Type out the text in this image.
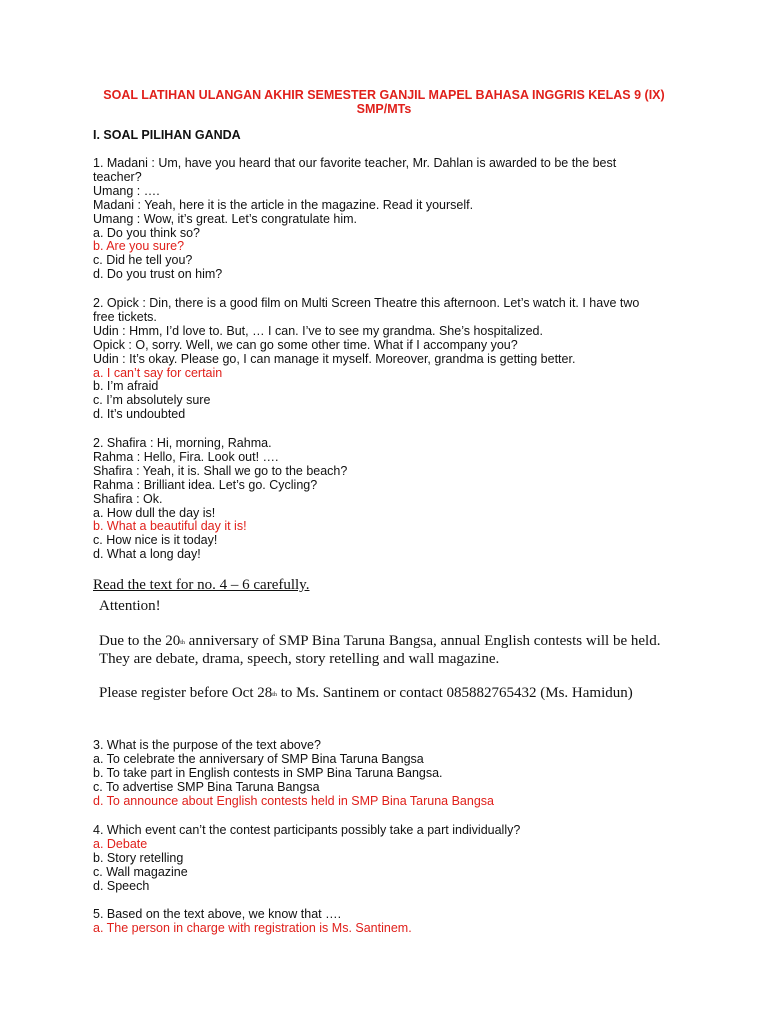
SOAL LATIHAN ULANGAN AKHIR SEMESTER GANJIL MAPEL BAHASA INGGRIS KELAS 9 (IX)
SMP/MTs
I. SOAL PILIHAN GANDA
1. Madani : Um, have you heard that our favorite teacher, Mr. Dahlan is awarded to be the best
teacher?
Umang : ….
Madani : Yeah, here it is the article in the magazine. Read it yourself.
Umang : Wow, it’s great. Let’s congratulate him.
a. Do you think so?
b. Are you sure?
c. Did he tell you?
d. Do you trust on him?
2. Opick : Din, there is a good film on Multi Screen Theatre this afternoon. Let’s watch it. I have two
free tickets.
Udin : Hmm, I’d love to. But, … I can. I’ve to see my grandma. She’s hospitalized.
Opick : O, sorry. Well, we can go some other time. What if I accompany you?
Udin : It’s okay. Please go, I can manage it myself. Moreover, grandma is getting better.
a. I can’t say for certain
b. I’m afraid
c. I’m absolutely sure
d. It’s undoubted
2. Shafira : Hi, morning, Rahma.
Rahma : Hello, Fira. Look out! ….
Shafira : Yeah, it is. Shall we go to the beach?
Rahma : Brilliant idea. Let’s go. Cycling?
Shafira : Ok.
a. How dull the day is!
b. What a beautiful day it is!
c. How nice is it today!
d. What a long day!
Read the text for no. 4 – 6 carefully.
Attention!
Due to the 20th anniversary of SMP Bina Taruna Bangsa, annual English contests will be held.
They are debate, drama, speech, story retelling and wall magazine.
Please register before Oct 28th to Ms. Santinem or contact 085882765432 (Ms. Hamidun)
3. What is the purpose of the text above?
a. To celebrate the anniversary of SMP Bina Taruna Bangsa
b. To take part in English contests in SMP Bina Taruna Bangsa.
c. To advertise SMP Bina Taruna Bangsa
d. To announce about English contests held in SMP Bina Taruna Bangsa
4. Which event can’t the contest participants possibly take a part individually?
a. Debate
b. Story retelling
c. Wall magazine
d. Speech
5. Based on the text above, we know that ….
a. The person in charge with registration is Ms. Santinem.
